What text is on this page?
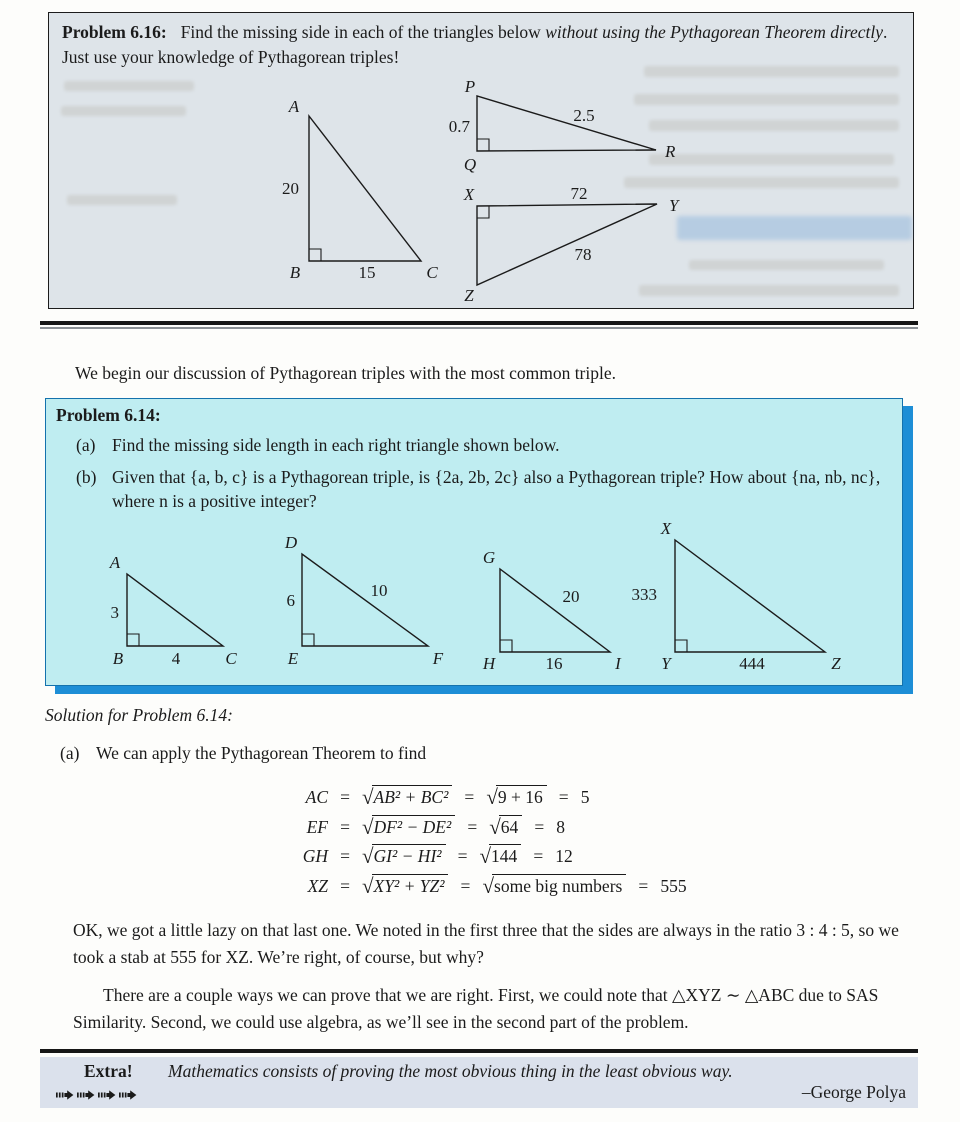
Problem 6.16: Find the missing side in each of the triangles below without using the Pythagorean Theorem directly. Just use your knowledge of Pythagorean triples!
A
B	C
20
15
P
Q
R
0.7
2.5
X
Y
Z
72
78
We begin our discussion of Pythagorean triples with the most common triple.
Problem 6.14:
(a) Find the missing side length in each right triangle shown below.
(b) Given that {a, b, c} is a Pythagorean triple, is {2a, 2b, 2c} also a Pythagorean triple? How about {na, nb, nc}, where n is a positive integer?
A
B	C
3
4
D
E	F
6
10
G
H	I
20
16
X
Y	Z
333
444
Solution for Problem 6.14:
(a) We can apply the Pythagorean Theorem to find
AC = √AB² + BC² = √9 + 16 = 5
EF = √DF² − DE² = √64 = 8
GH = √GI² − HI² = √144 = 12
XZ = √XY² + YZ² = √some big numbers = 555
OK, we got a little lazy on that last one. We noted in the first three that the sides are always in the ratio 3 : 4 : 5, so we took a stab at 555 for XZ. We’re right, of course, but why?
There are a couple ways we can prove that we are right. First, we could note that △XYZ ∼ △ABC due to SAS Similarity. Second, we could use algebra, as we’ll see in the second part of the problem.
Extra! Mathematics consists of proving the most obvious thing in the least obvious way.
–George Polya
